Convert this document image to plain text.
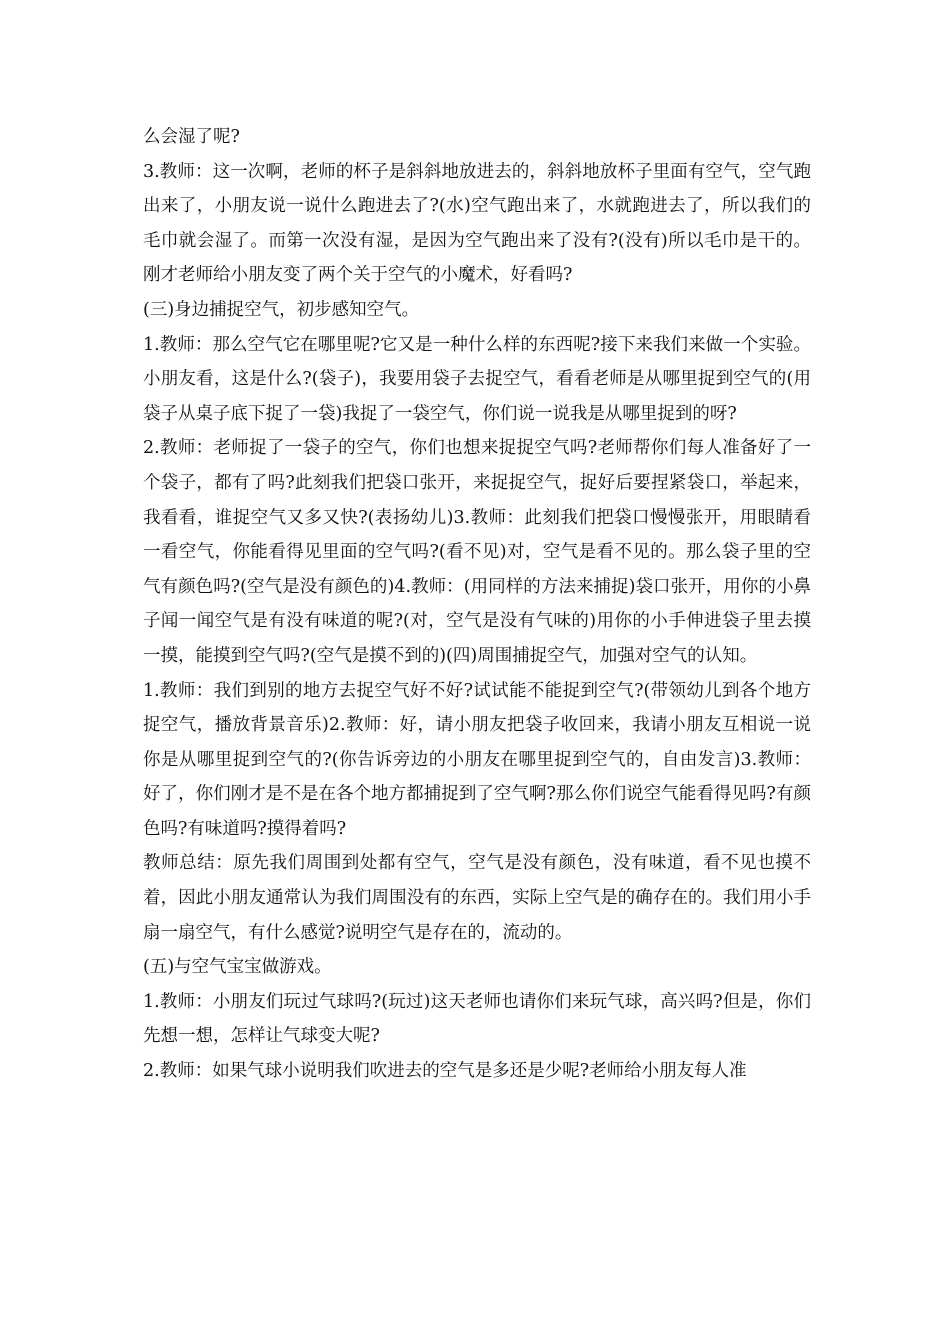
么会湿了呢?

3.教师：这一次啊，老师的杯子是斜斜地放进去的，斜斜地放杯子里面有空气，空气跑出来了，小朋友说一说什么跑进去了?(水)空气跑出来了，水就跑进去了，所以我们的毛巾就会湿了。而第一次没有湿，是因为空气跑出来了没有?(没有)所以毛巾是干的。刚才老师给小朋友变了两个关于空气的小魔术，好看吗?

(三)身边捕捉空气，初步感知空气。

1.教师：那么空气它在哪里呢?它又是一种什么样的东西呢?接下来我们来做一个实验。小朋友看，这是什么?(袋子)，我要用袋子去捉空气，看看老师是从哪里捉到空气的(用袋子从桌子底下捉了一袋)我捉了一袋空气，你们说一说我是从哪里捉到的呀?

2.教师：老师捉了一袋子的空气，你们也想来捉捉空气吗?老师帮你们每人准备好了一个袋子，都有了吗?此刻我们把袋口张开，来捉捉空气，捉好后要捏紧袋口，举起来，我看看，谁捉空气又多又快?(表扬幼儿)3.教师：此刻我们把袋口慢慢张开，用眼睛看一看空气，你能看得见里面的空气吗?(看不见)对，空气是看不见的。那么袋子里的空气有颜色吗?(空气是没有颜色的)4.教师：(用同样的方法来捕捉)袋口张开，用你的小鼻子闻一闻空气是有没有味道的呢?(对，空气是没有气味的)用你的小手伸进袋子里去摸一摸，能摸到空气吗?(空气是摸不到的)(四)周围捕捉空气，加强对空气的认知。

1.教师：我们到别的地方去捉空气好不好?试试能不能捉到空气?(带领幼儿到各个地方捉空气，播放背景音乐)2.教师：好，请小朋友把袋子收回来，我请小朋友互相说一说你是从哪里捉到空气的?(你告诉旁边的小朋友在哪里捉到空气的，自由发言)3.教师：好了，你们刚才是不是在各个地方都捕捉到了空气啊?那么你们说空气能看得见吗?有颜色吗?有味道吗?摸得着吗?

教师总结：原先我们周围到处都有空气，空气是没有颜色，没有味道，看不见也摸不着，因此小朋友通常认为我们周围没有的东西，实际上空气是的确存在的。我们用小手扇一扇空气，有什么感觉?说明空气是存在的，流动的。

(五)与空气宝宝做游戏。

1.教师：小朋友们玩过气球吗?(玩过)这天老师也请你们来玩气球，高兴吗?但是，你们先想一想，怎样让气球变大呢?

2.教师：如果气球小说明我们吹进去的空气是多还是少呢?老师给小朋友每人准
